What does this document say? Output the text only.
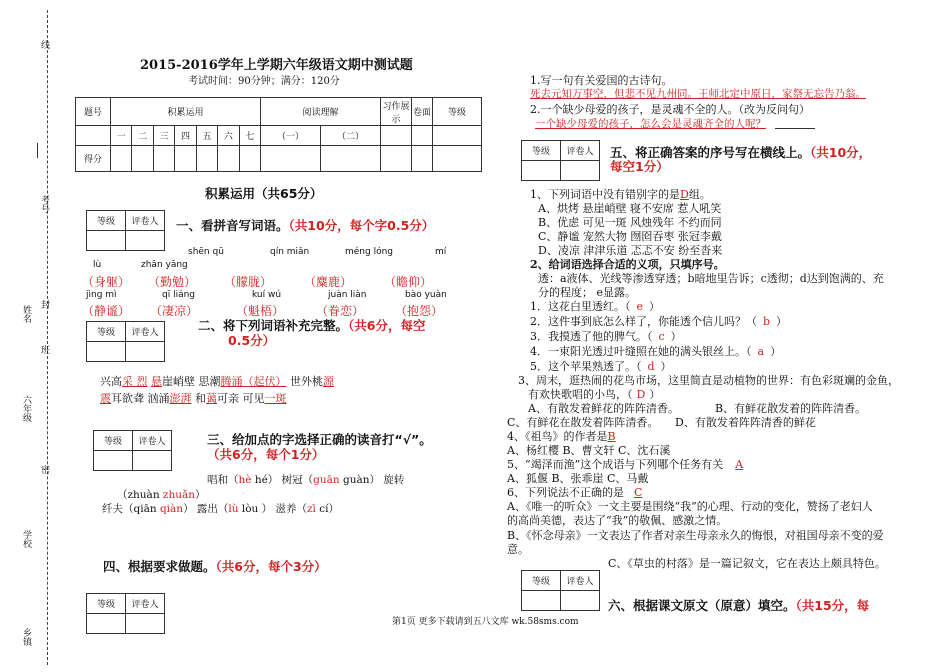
线
考号
封
姓名
班
六年级
密
学校
乡镇
2015-2016学年上学期六年级语文期中测试题
考试时间：90分钟；满分：120分
题号	积累运用							阅读理解		习作展示	卷面	等级
	一	二	三	四	五	六	七	（一）	（二）			
得分												
积累运用（共65分）
等级	评卷人
	一、看拼音写词语。（共10分，每个字0.5分）
shēn qū	qín miǎn	méng lóng	mí
lù	zhān yǎng
（身躯） （勤勉） （朦胧）	（麋鹿）	（瞻仰）
jìng mì	qī liáng	kuí wú	juàn liàn	bào yuàn
（静谧） （凄凉）	（魁梧）	（眷恋）	（抱怨）
等级	评卷人
		二、将下列词语补充完整。（共6分，每空
0.5分）
兴高采 烈 悬崖峭壁 思潮腾涌（起伏） 世外桃源
震耳欲聋 汹涌澎湃 和蔼可亲 可见一斑
等级	评卷人
		三、给加点的字选择正确的读音打“√”。
（共6分，每个1分）
唱和（hè hé） 树冠（guān guàn） 旋转
（zhuàn zhuǎn）
纤夫（qiān qiàn） 露出（lù lòu ） 滋养（zī cí）
四、根据要求做题。（共6分，每个3分）
等级	评卷人

1.写一句有关爱国的古诗句。
死去元知万事空，但悲不见九州同。王师北定中原日，家祭无忘告乃翁。
2.一个缺少母爱的孩子，是灵魂不全的人。（改为反问句）
一个缺少母爱的孩子，怎么会是灵魂齐全的人呢？
等级	评卷人
	五、将正确答案的序号写在横线上。（共10分，
每空1分）
1、下列词语中没有错别字的是D组。
A、烘烤 悬崖峭壁 寝不安席 惹人吼笑
B、优虑 可见一斑 风烛残年 不约而同
C、静谧 宠然大物 囫囵吞枣 张冠李戴
D、凌凉 津津乐道 忑忑不安 纷至沓来
2、给词语选择合适的义项，只填序号。
透：a液体、光线等渗透穿透；b暗地里告诉；c透彻；d达到饱满的、充
分的程度； e显露。
1．这花白里透红。（ e ）
2．这件事到底怎么样了，你能透个信儿吗？（ b ）
3．我摸透了他的脾气。（ c ）
4．一束阳光透过叶缝照在她的满头银丝上。（ a ）
5．这个苹果熟透了。（ d ）
3、周末，逛热闹的花鸟市场，这里简直是动植物的世界：有色彩斑斓的金鱼，
有欢快歌唱的小鸟，（ D ）
A、有散发着鲜花的阵阵清香。	B、有鲜花散发着的阵阵清香。
C、有鲜花在散发着阵阵清香。 D、有散发着阵阵清香的鲜花
4、《祖鸟》的作者是B
A、杨红樱 B、曹文轩 C、沈石溪
5、“竭泽而渔”这个成语与下列哪个任务有关 A
A、狐偃 B、张乖崖 C、马戴
6、下列说法不正确的是 C
A、《唯一的听众》一文主要是围绕“我”的心理、行动的变化，赞扬了老妇人
的高尚美德，表达了“我”的敬佩、感激之情。
B、《怀念母亲》一文表达了作者对亲生母亲永久的悔恨，对祖国母亲不变的爱
意。
C、《草虫的村落》是一篇记叙文，它在表达上颇具特色。
等级	评卷人

六、根据课文原文（原意）填空。（共15分，每
第1页 更多下载请到五八文库 wk.58sms.com
